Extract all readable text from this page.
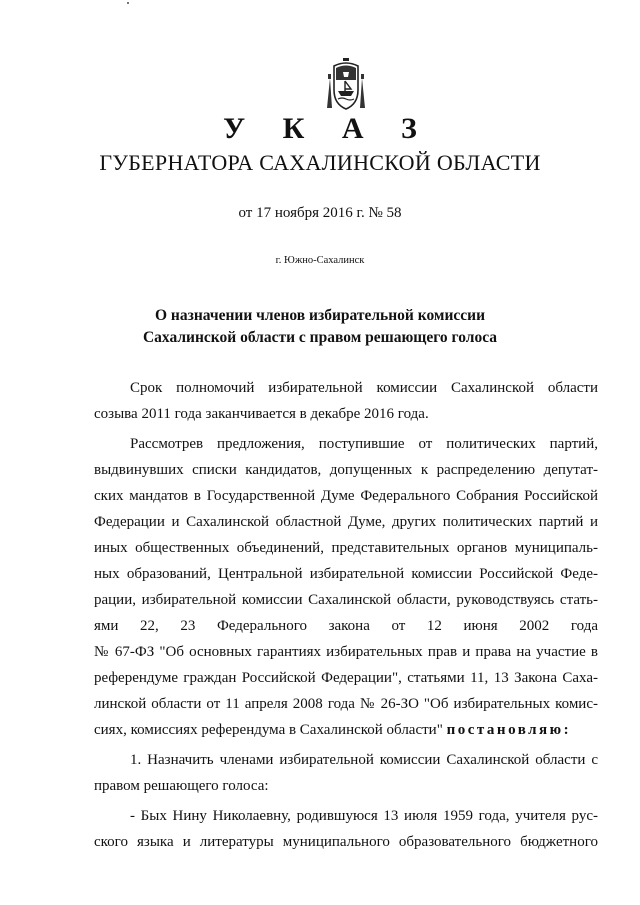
У К А З
ГУБЕРНАТОРА САХАЛИНСКОЙ ОБЛАСТИ
от 17 ноября 2016 г. № 58
г. Южно-Сахалинск
О назначении членов избирательной комиссии
Сахалинской области с правом решающего голоса
Срок полномочий избирательной комиссии Сахалинской области
созыва 2011 года заканчивается в декабре 2016 года.
Рассмотрев предложения, поступившие от политических партий,
выдвинувших списки кандидатов, допущенных к распределению депутат-
ских мандатов в Государственной Думе Федерального Собрания Российской
Федерации и Сахалинской областной Думе, других политических партий и
иных общественных объединений, представительных органов муниципаль-
ных образований, Центральной избирательной комиссии Российской Феде-
рации, избирательной комиссии Сахалинской области, руководствуясь стать-
ями 22, 23 Федерального закона от 12 июня 2002 года
№ 67-ФЗ "Об основных гарантиях избирательных прав и права на участие в
референдуме граждан Российской Федерации", статьями 11, 13 Закона Саха-
линской области от 11 апреля 2008 года № 26-ЗО "Об избирательных комис-
сиях, комиссиях референдума в Сахалинской области" постановляю:
1. Назначить членами избирательной комиссии Сахалинской области с
правом решающего голоса:
- Бых Нину Николаевну, родившуюся 13 июля 1959 года, учителя рус-
ского языка и литературы муниципального образовательного бюджетного
